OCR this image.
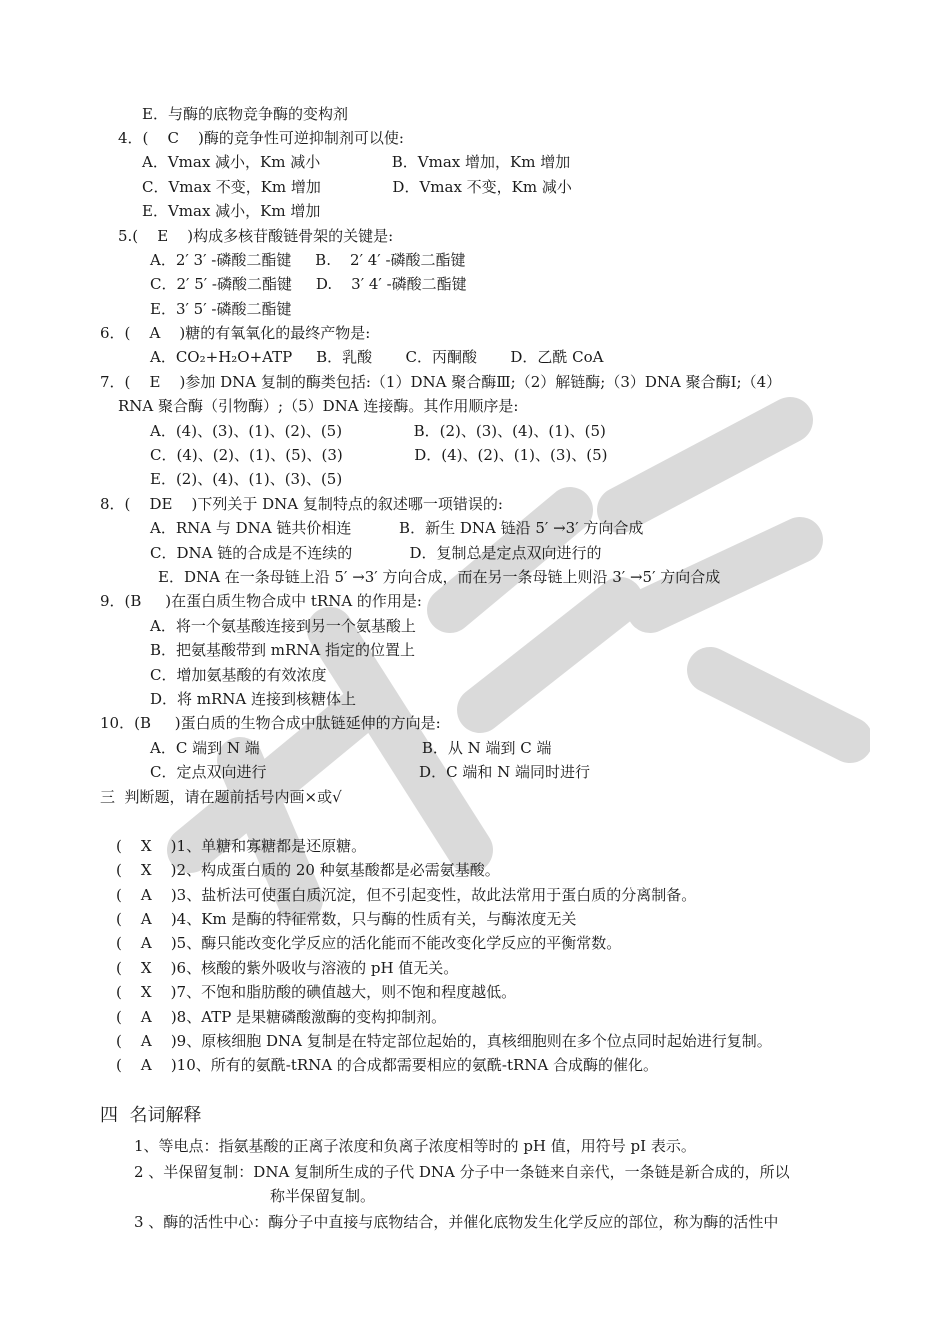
E．与酶的底物竞争酶的变构剂
4．(    C    )酶的竞争性可逆抑制剂可以使:
A．Vmax 减小，Km 减小               B．Vmax 增加，Km 增加
C．Vmax 不变，Km 增加               D．Vmax 不变，Km 减小
E．Vmax 减小，Km 增加
5.(    E    )构成多核苷酸链骨架的关键是:
A．2′ 3′ -磷酸二酯键     B.    2′ 4′ -磷酸二酯键
C．2′ 5′ -磷酸二酯键     D.    3′ 4′ -磷酸二酯键
E．3′ 5′ -磷酸二酯键
6．(    A    )糖的有氧氧化的最终产物是:
A．CO₂+H₂O+ATP     B．乳酸       C．丙酮酸       D．乙酰 CoA
7．(    E    )参加 DNA 复制的酶类包括:（1）DNA 聚合酶Ⅲ;（2）解链酶;（3）DNA 聚合酶Ⅰ;（4）
RNA 聚合酶（引物酶）;（5）DNA 连接酶。其作用顺序是:
A．(4)、(3)、(1)、(2)、(5)               B．(2)、(3)、(4)、(1)、(5)
C．(4)、(2)、(1)、(5)、(3)               D．(4)、(2)、(1)、(3)、(5)
E．(2)、(4)、(1)、(3)、(5)
8．(    DE    )下列关于 DNA 复制特点的叙述哪一项错误的:
A．RNA 与 DNA 链共价相连          B．新生 DNA 链沿 5′ →3′ 方向合成
C．DNA 链的合成是不连续的            D．复制总是定点双向进行的
E．DNA 在一条母链上沿 5′ →3′ 方向合成，而在另一条母链上则沿 3′ →5′ 方向合成
9．(B     )在蛋白质生物合成中 tRNA 的作用是:
A．将一个氨基酸连接到另一个氨基酸上
B．把氨基酸带到 mRNA 指定的位置上
C．增加氨基酸的有效浓度
D．将 mRNA 连接到核糖体上
10．(B     )蛋白质的生物合成中肽链延伸的方向是:
A．C 端到 N 端                                  B．从 N 端到 C 端
C．定点双向进行                                D．C 端和 N 端同时进行
三  判断题，请在题前括号内画×或√
(    X    )1、单糖和寡糖都是还原糖。
(    X    )2、构成蛋白质的 20 种氨基酸都是必需氨基酸。
(    A    )3、盐析法可使蛋白质沉淀，但不引起变性，故此法常用于蛋白质的分离制备。
(    A    )4、Km 是酶的特征常数，只与酶的性质有关，与酶浓度无关
(    A    )5、酶只能改变化学反应的活化能而不能改变化学反应的平衡常数。
(    X    )6、核酸的紫外吸收与溶液的 pH 值无关。
(    X    )7、不饱和脂肪酸的碘值越大，则不饱和程度越低。
(    A    )8、ATP 是果糖磷酸激酶的变构抑制剂。
(    A    )9、原核细胞 DNA 复制是在特定部位起始的，真核细胞则在多个位点同时起始进行复制。
(    A    )10、所有的氨酰-tRNA 的合成都需要相应的氨酰-tRNA 合成酶的催化。
四  名词解释
1、等电点：指氨基酸的正离子浓度和负离子浓度相等时的 pH 值，用符号 pI 表示。
2 、半保留复制：DNA 复制所生成的子代 DNA 分子中一条链来自亲代，一条链是新合成的，所以
称半保留复制。
3 、酶的活性中心：酶分子中直接与底物结合，并催化底物发生化学反应的部位，称为酶的活性中
